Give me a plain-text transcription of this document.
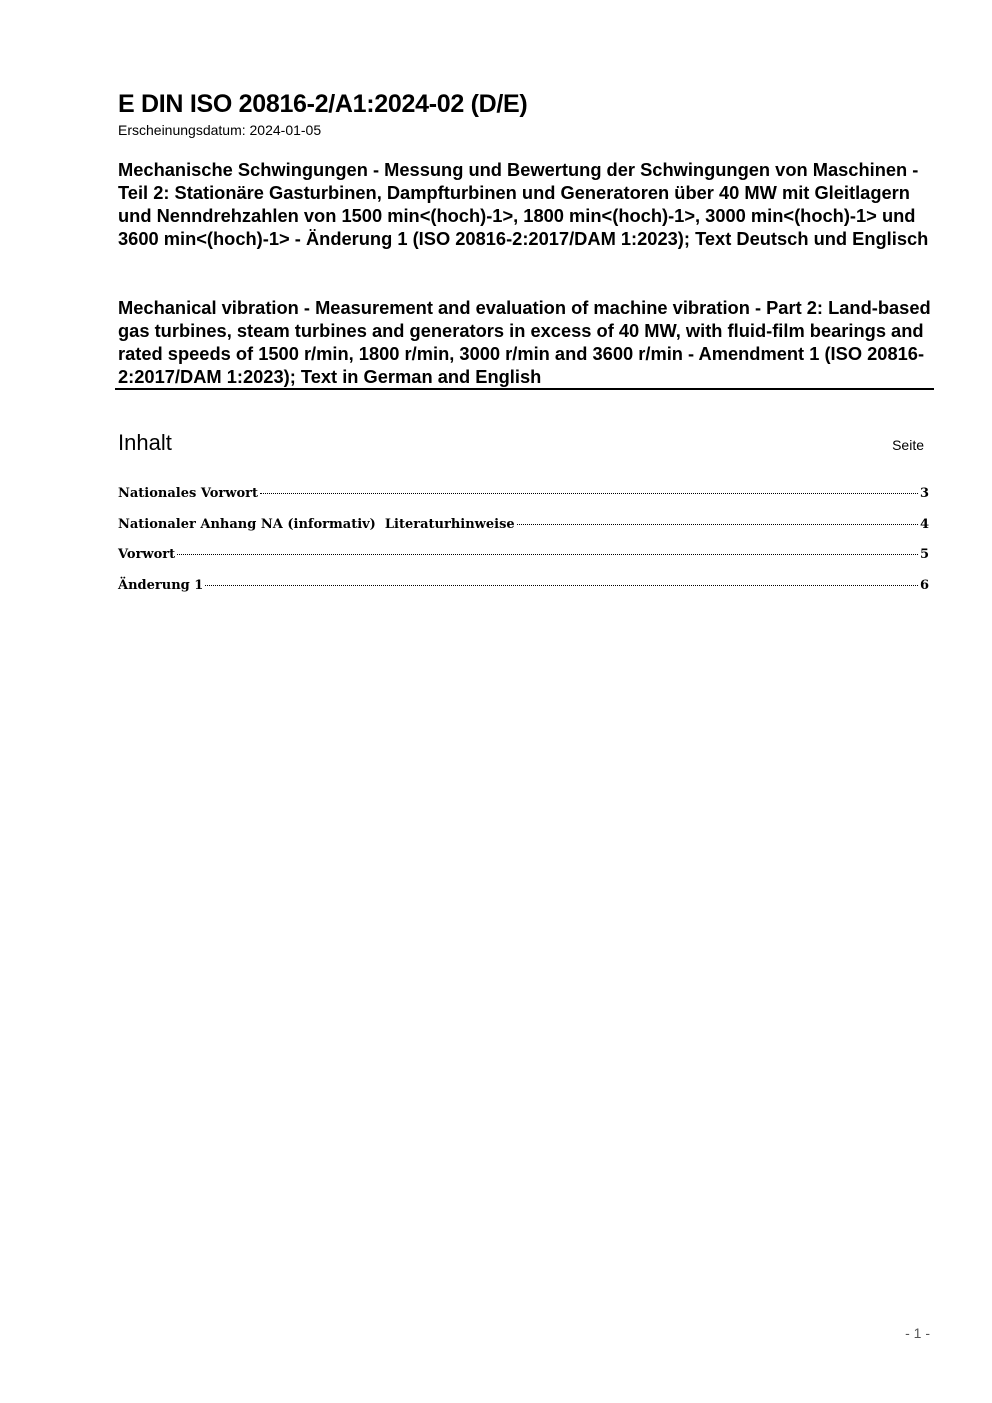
E DIN ISO 20816-2/A1:2024-02 (D/E)
Erscheinungsdatum: 2024-01-05

Mechanische Schwingungen - Messung und Bewertung der Schwingungen von Maschinen - Teil 2: Stationäre Gasturbinen, Dampfturbinen und Generatoren über 40 MW mit Gleitlagern und Nenndrehzahlen von 1500 min<(hoch)-1>, 1800 min<(hoch)-1>, 3000 min<(hoch)-1> und 3600 min<(hoch)-1> - Änderung 1 (ISO 20816-2:2017/DAM 1:2023); Text Deutsch und Englisch

Mechanical vibration - Measurement and evaluation of machine vibration - Part 2: Land-based gas turbines, steam turbines and generators in excess of 40 MW, with fluid-film bearings and rated speeds of 1500 r/min, 1800 r/min, 3000 r/min and 3600 r/min - Amendment 1 (ISO 20816-2:2017/DAM 1:2023); Text in German and English

Inhalt	Seite
Nationales Vorwort	3
Nationaler Anhang NA (informativ)  Literaturhinweise	4
Vorwort	5
Änderung 1	6
- 1 -
